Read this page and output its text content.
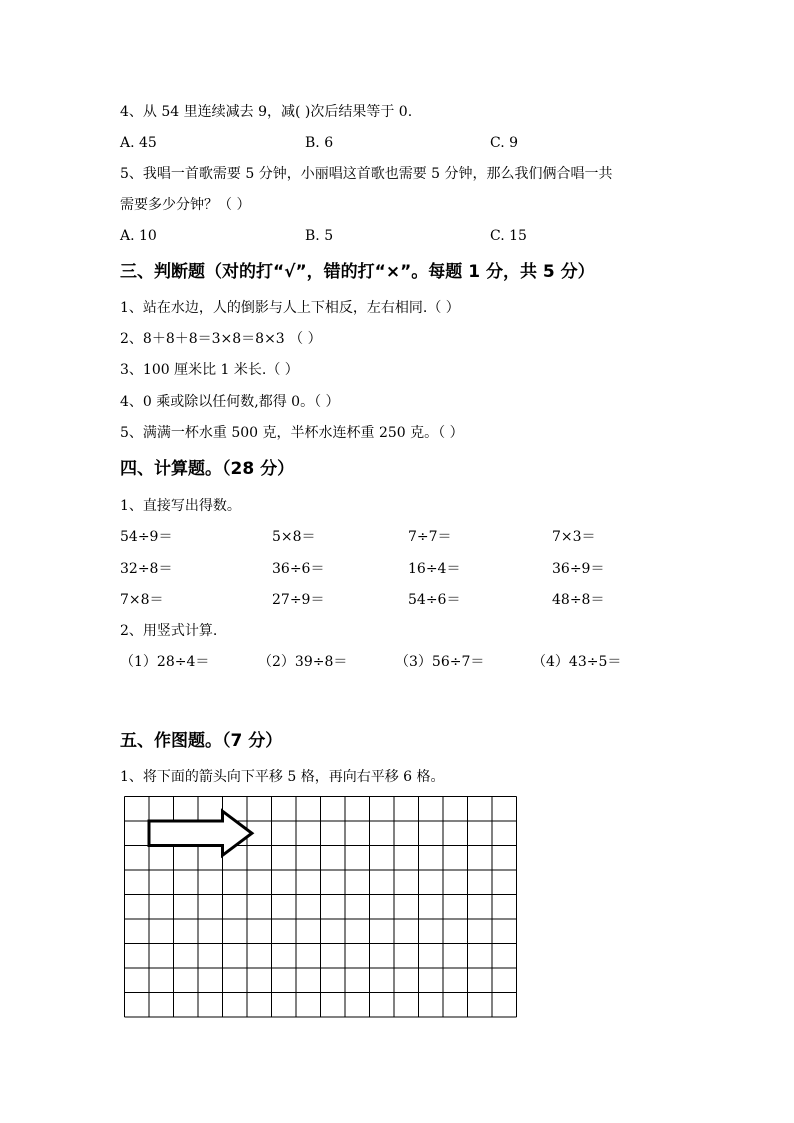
4、从 54 里连续减去 9，减( )次后结果等于 0.
A. 45	B. 6	C. 9
5、我唱一首歌需要 5 分钟，小丽唱这首歌也需要 5 分钟，那么我们俩合唱一共
需要多少分钟？（ ）
A. 10	B. 5	C. 15
三、判断题（对的打“√”，错的打“×”。每题 1 分，共 5 分）
1、站在水边，人的倒影与人上下相反，左右相同.（ ）
2、8＋8＋8＝3×8＝8×3 （ ）
3、100 厘米比 1 米长.（ ）
4、0 乘或除以任何数,都得 0。（ ）
5、满满一杯水重 500 克，半杯水连杯重 250 克。（ ）
四、计算题。（28 分）
1、直接写出得数。
54÷9＝	5×8＝	7÷7＝	7×3＝
32÷8＝	36÷6＝	16÷4＝	36÷9＝
7×8＝	27÷9＝	54÷6＝	48÷8＝
2、用竖式计算.
（1）28÷4＝	（2）39÷8＝	（3）56÷7＝	（4）43÷5＝
五、作图题。（7 分）
1、将下面的箭头向下平移 5 格，再向右平移 6 格。
